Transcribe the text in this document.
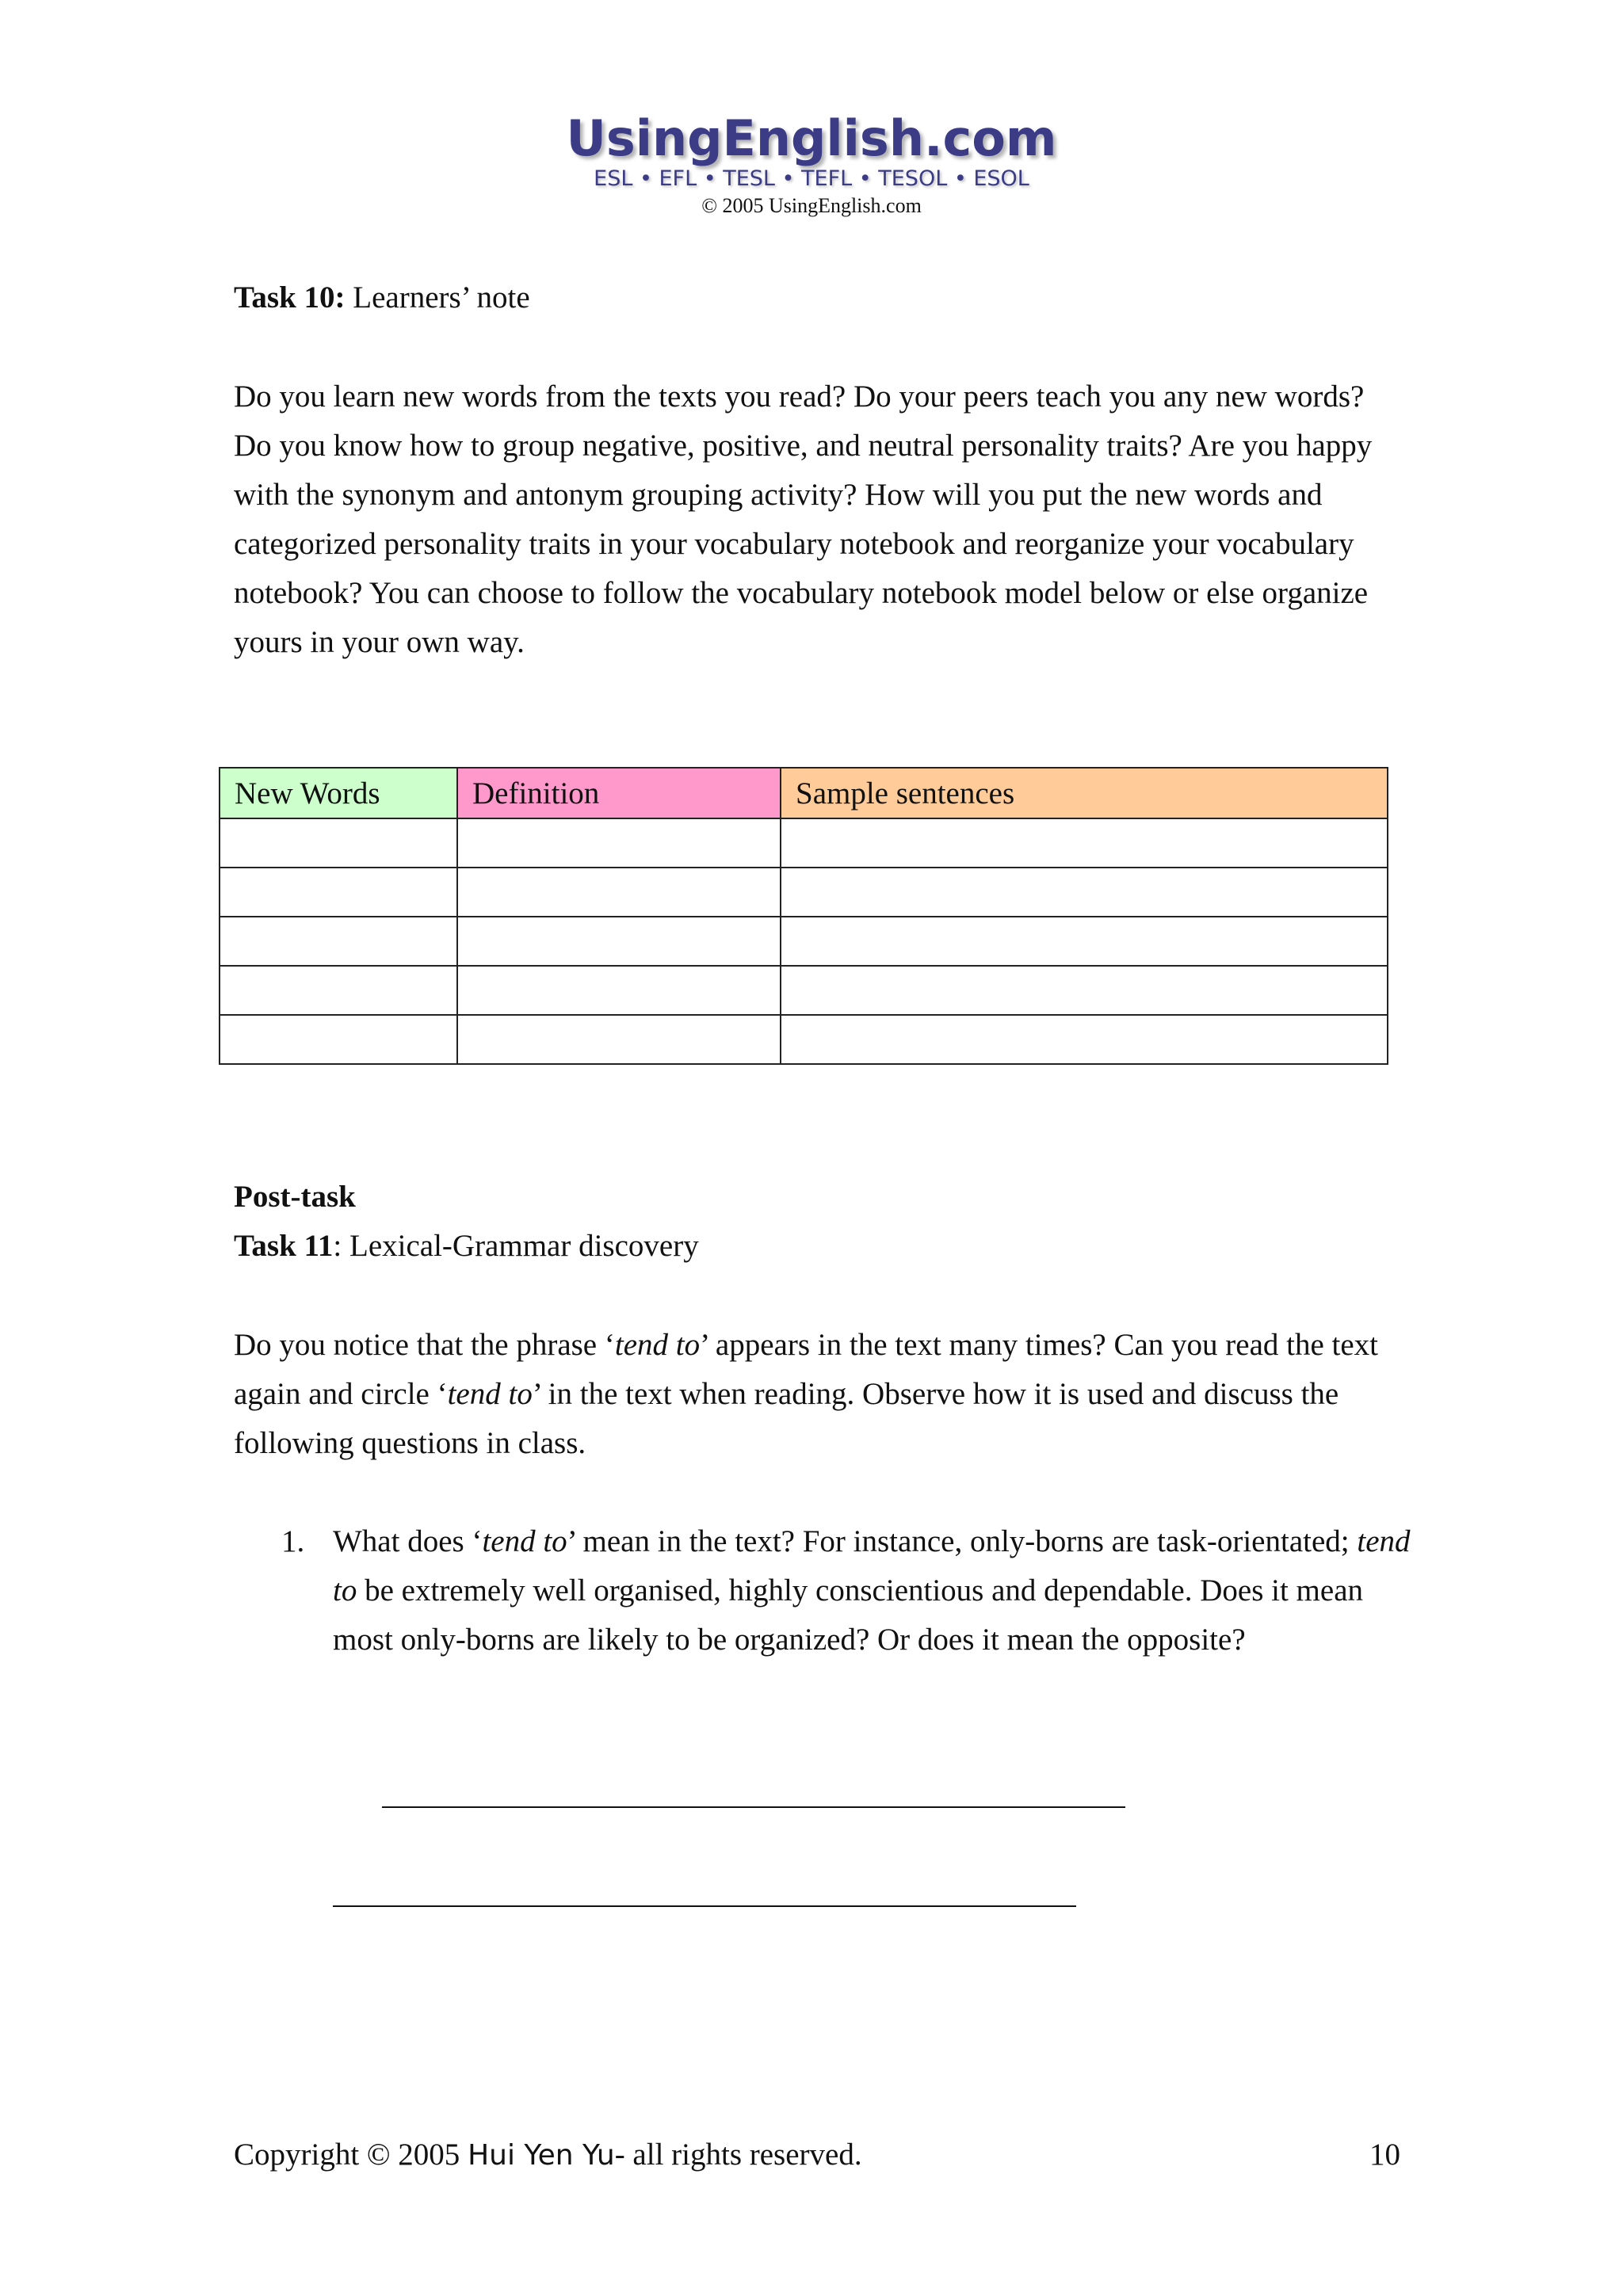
UsingEnglish.com
ESL • EFL • TESL • TEFL • TESOL • ESOL
© 2005 UsingEnglish.com
Task 10: Learners’ note
Do you learn new words from the texts you read? Do your peers teach you any new words?    Do you know how to group negative, positive, and neutral personality traits? Are you happy with the synonym and antonym grouping activity? How will you put the new words and categorized personality traits in your vocabulary notebook and reorganize your vocabulary notebook? You can choose to follow the vocabulary notebook model below or else organize yours in your own way.
New Words	Definition	Sample sentences

Post-task
Task 11: Lexical-Grammar discovery
Do you notice that the phrase ‘tend to’ appears in the text many times? Can you read the text again and circle ‘tend to’ in the text when reading. Observe how it is used and discuss the following questions in class.
1. What does ‘tend to’ mean in the text? For instance, only-borns are task-orientated; tend to be extremely well organised, highly conscientious and dependable. Does it mean most only-borns are likely to be organized? Or does it mean the opposite?
Copyright © 2005 Hui Yen Yu- all rights reserved.	10
